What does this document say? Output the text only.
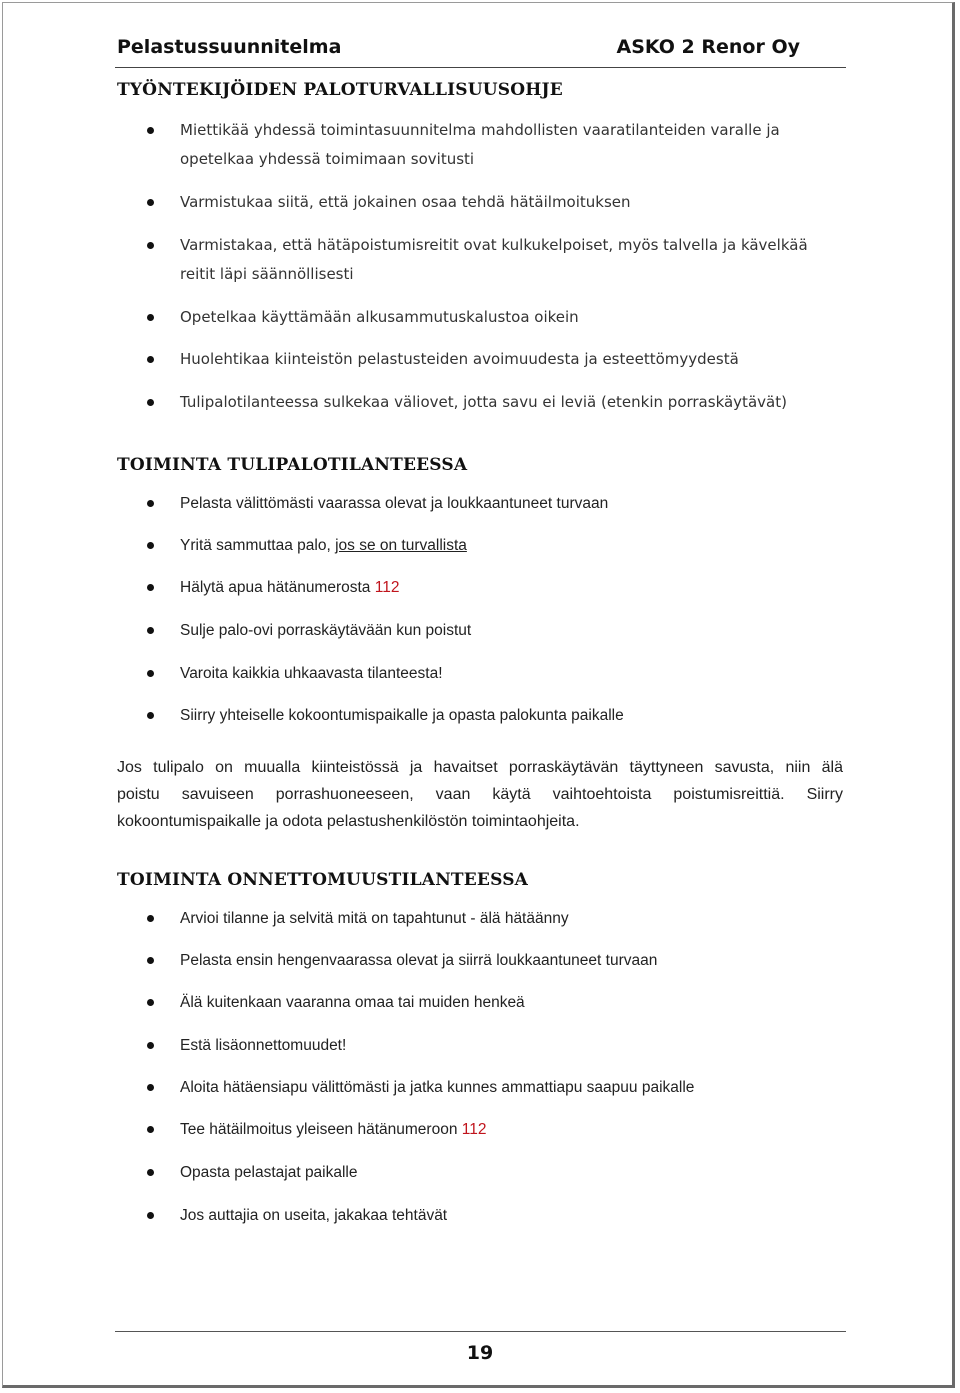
Pelastussuunnitelma	ASKO 2 Renor Oy
TYÖNTEKIJÖIDEN PALOTURVALLISUUSOHJE
Miettikää yhdessä toimintasuunnitelma mahdollisten vaaratilanteiden varalle ja
opetelkaa yhdessä toimimaan sovitusti
Varmistukaa siitä, että jokainen osaa tehdä hätäilmoituksen
Varmistakaa, että hätäpoistumisreitit ovat kulkukelpoiset, myös talvella ja kävelkää
reitit läpi säännöllisesti
Opetelkaa käyttämään alkusammutuskalustoa oikein
Huolehtikaa kiinteistön pelastusteiden avoimuudesta ja esteettömyydestä
Tulipalotilanteessa sulkekaa väliovet, jotta savu ei leviä (etenkin porraskäytävät)
TOIMINTA TULIPALOTILANTEESSA
Pelasta välittömästi vaarassa olevat ja loukkaantuneet turvaan
Yritä sammuttaa palo, jos se on turvallista
Hälytä apua hätänumerosta 112
Sulje palo-ovi porraskäytävään kun poistut
Varoita kaikkia uhkaavasta tilanteesta!
Siirry yhteiselle kokoontumispaikalle ja opasta palokunta paikalle
Jos tulipalo on muualla kiinteistössä ja havaitset porraskäytävän täyttyneen savusta, niin älä
poistu savuiseen porrashuoneeseen, vaan käytä vaihtoehtoista poistumisreittiä. Siirry
kokoontumispaikalle ja odota pelastushenkilöstön toimintaohjeita.
TOIMINTA ONNETTOMUUSTILANTEESSA
Arvioi tilanne ja selvitä mitä on tapahtunut - älä hätäänny
Pelasta ensin hengenvaarassa olevat ja siirrä loukkaantuneet turvaan
Älä kuitenkaan vaaranna omaa tai muiden henkeä
Estä lisäonnettomuudet!
Aloita hätäensiapu välittömästi ja jatka kunnes ammattiapu saapuu paikalle
Tee hätäilmoitus yleiseen hätänumeroon 112
Opasta pelastajat paikalle
Jos auttajia on useita, jakakaa tehtävät
19
